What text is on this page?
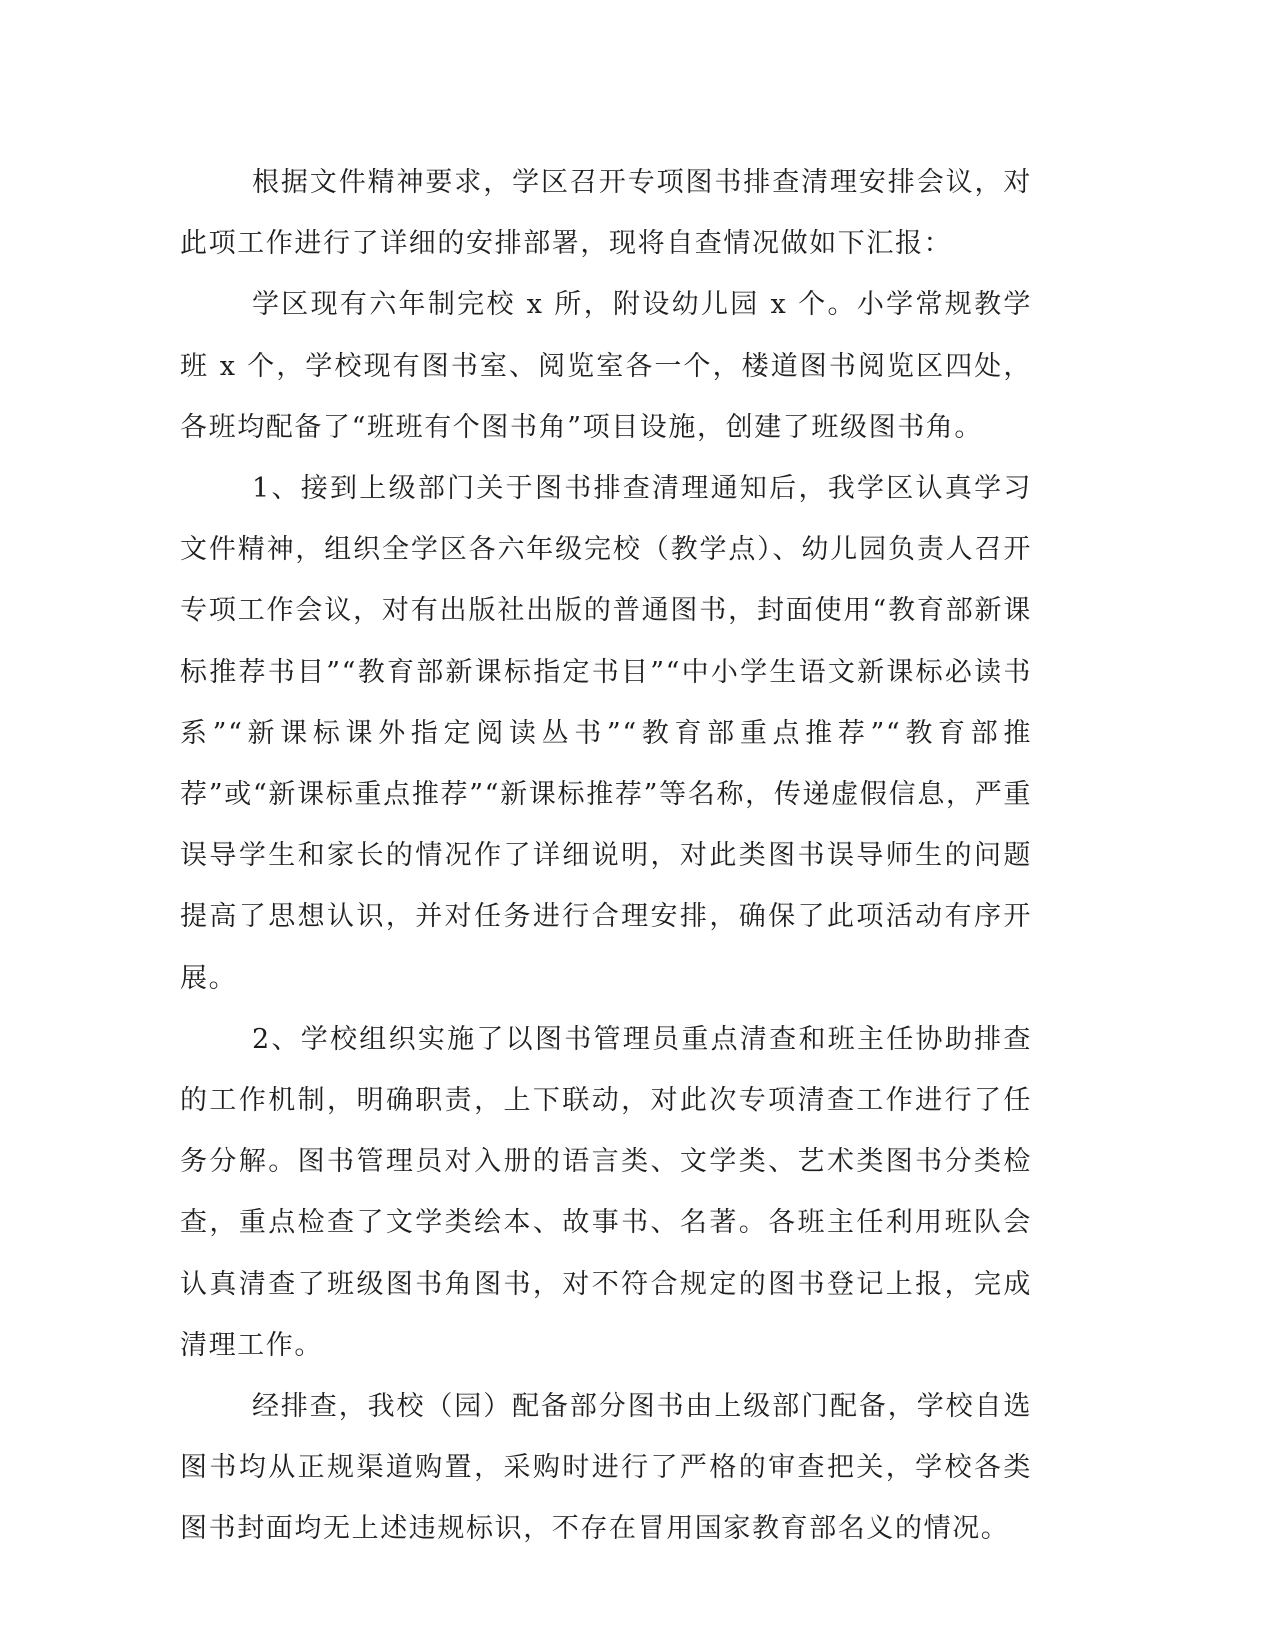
根据文件精神要求，学区召开专项图书排查清理安排会议，对此项工作进行了详细的安排部署，现将自查情况做如下汇报：

学区现有六年制完校 x 所，附设幼儿园 x 个。小学常规教学班 x 个，学校现有图书室、阅览室各一个，楼道图书阅览区四处，各班均配备了“班班有个图书角”项目设施，创建了班级图书角。

1、接到上级部门关于图书排查清理通知后，我学区认真学习文件精神，组织全学区各六年级完校（教学点）、幼儿园负责人召开专项工作会议，对有出版社出版的普通图书，封面使用“教育部新课标推荐书目”“教育部新课标指定书目”“中小学生语文新课标必读书系”“新课标课外指定阅读丛书”“教育部重点推荐”“教育部推荐”或“新课标重点推荐”“新课标推荐”等名称，传递虚假信息，严重误导学生和家长的情况作了详细说明，对此类图书误导师生的问题提高了思想认识，并对任务进行合理安排，确保了此项活动有序开展。

2、学校组织实施了以图书管理员重点清查和班主任协助排查的工作机制，明确职责，上下联动，对此次专项清查工作进行了任务分解。图书管理员对入册的语言类、文学类、艺术类图书分类检查，重点检查了文学类绘本、故事书、名著。各班主任利用班队会认真清查了班级图书角图书，对不符合规定的图书登记上报，完成清理工作。

经排查，我校（园）配备部分图书由上级部门配备，学校自选图书均从正规渠道购置，采购时进行了严格的审查把关，学校各类图书封面均无上述违规标识，不存在冒用国家教育部名义的情况。
